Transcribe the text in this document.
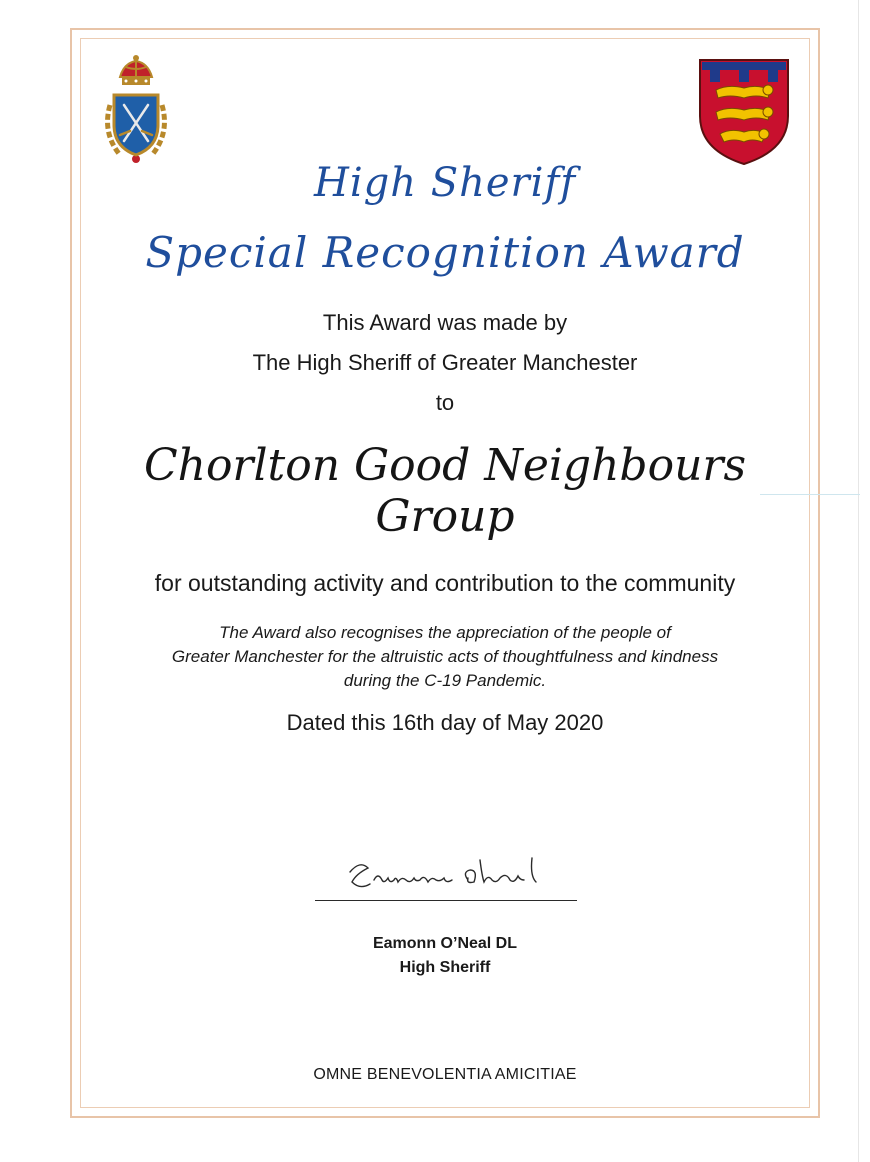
High Sheriff
Special Recognition Award

This Award was made by

The High Sheriff of Greater Manchester

to

Chorlton Good Neighbours Group

for outstanding activity and contribution to the community

The Award also recognises the appreciation of the people of
Greater Manchester for the altruistic acts of thoughtfulness and kindness
during the C-19 Pandemic.

Dated this 16th day of May 2020

Eamonn O’Neal DL
High Sheriff

OMNE BENEVOLENTIA AMICITIAE
